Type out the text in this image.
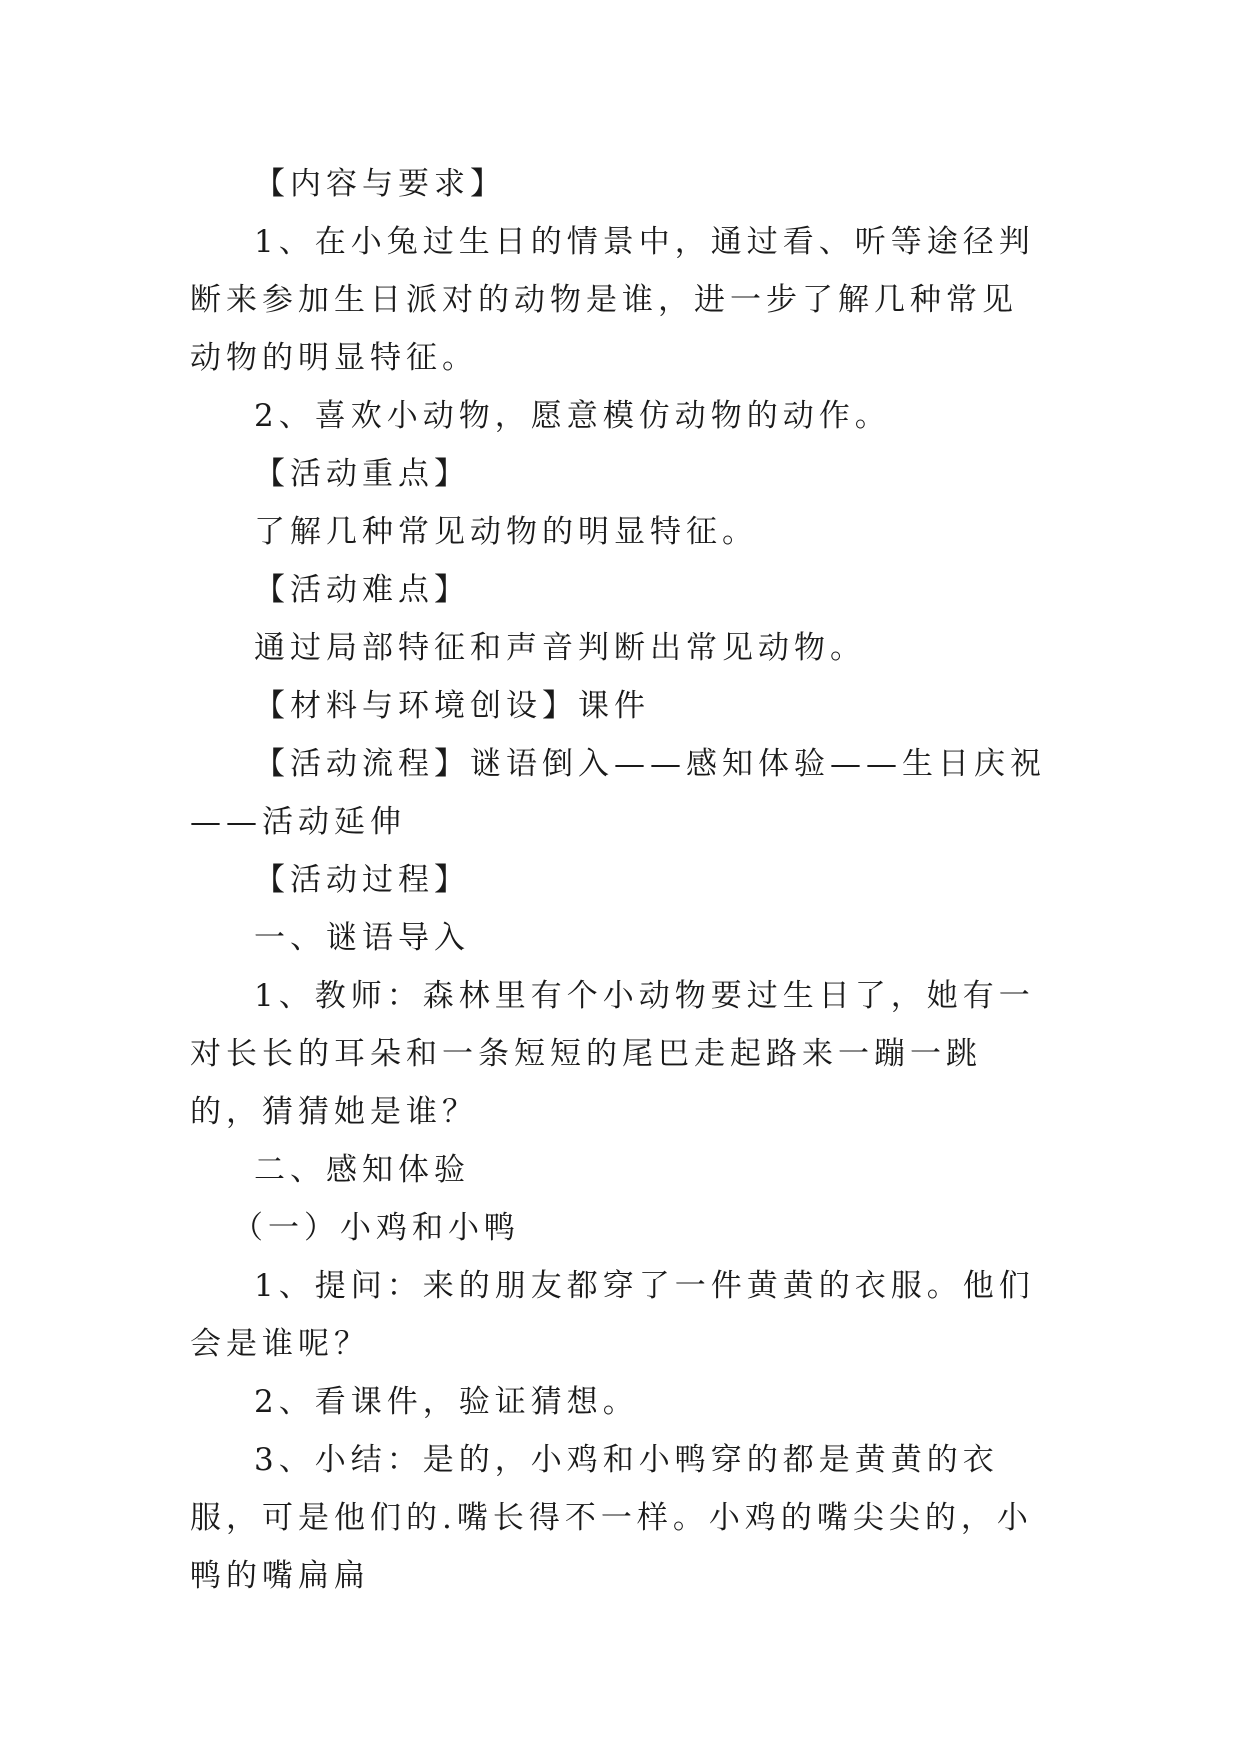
【内容与要求】

1、在小兔过生日的情景中，通过看、听等途径判断来参加生日派对的动物是谁，进一步了解几种常见动物的明显特征。

2、喜欢小动物，愿意模仿动物的动作。

【活动重点】

了解几种常见动物的明显特征。

【活动难点】

通过局部特征和声音判断出常见动物。

【材料与环境创设】课件

【活动流程】谜语倒入——感知体验——生日庆祝——活动延伸

【活动过程】

一、谜语导入

1、教师：森林里有个小动物要过生日了，她有一对长长的耳朵和一条短短的尾巴走起路来一蹦一跳的，猜猜她是谁？

二、感知体验

（一）小鸡和小鸭

1、提问：来的朋友都穿了一件黄黄的衣服。他们会是谁呢？

2、看课件，验证猜想。

3、小结：是的，小鸡和小鸭穿的都是黄黄的衣服，可是他们的.嘴长得不一样。小鸡的嘴尖尖的，小鸭的嘴扁扁
